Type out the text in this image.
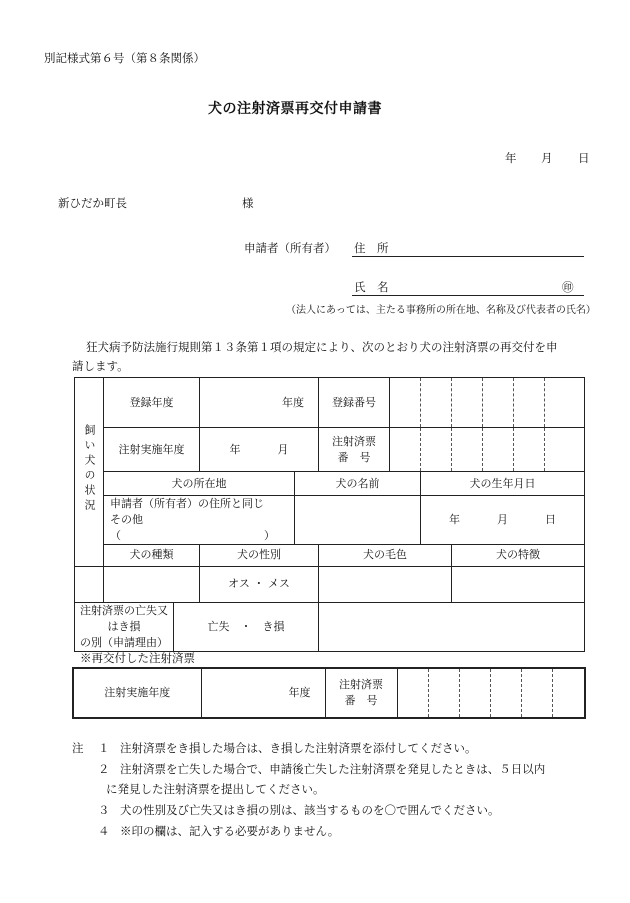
別記様式第６号（第８条関係）
犬の注射済票再交付申請書
年 月 日
新ひだか町長	様
申請者（所有者） 住　所
氏　名	㊞
（法人にあっては、主たる事務所の所在地、名称及び代表者の氏名）
狂犬病予防法施行規則第１３条第１項の規定により、次のとおり犬の注射済票の再交付を申
請します。
飼い犬の状況	登録年度		年度		登録番号						
	注射実施年度		年 月		注射済票
番　号						

	犬の所在地			犬の名前			犬の生年月日				

	申請者（所有者）の住所と同じ
その他（　　　　　　　　　　　　　）						年 月 日				
	犬の種類		犬の性別		犬の毛色			犬の特徴			
			オス ・ メス								

注射済票の亡失又はき損
の別（申請理由）		亡失　・　き損									
※再交付した注射済票
注射実施年度	年度	
注射済票
番　号

注 １ 注射済票をき損した場合は、き損した注射済票を添付してください。
２ 注射済票を亡失した場合で、申請後亡失した注射済票を発見したときは、５日以内
に発見した注射済票を提出してください。
３ 犬の性別及び亡失又はき損の別は、該当するものを〇で囲んでください。
４ ※印の欄は、記入する必要がありません。
